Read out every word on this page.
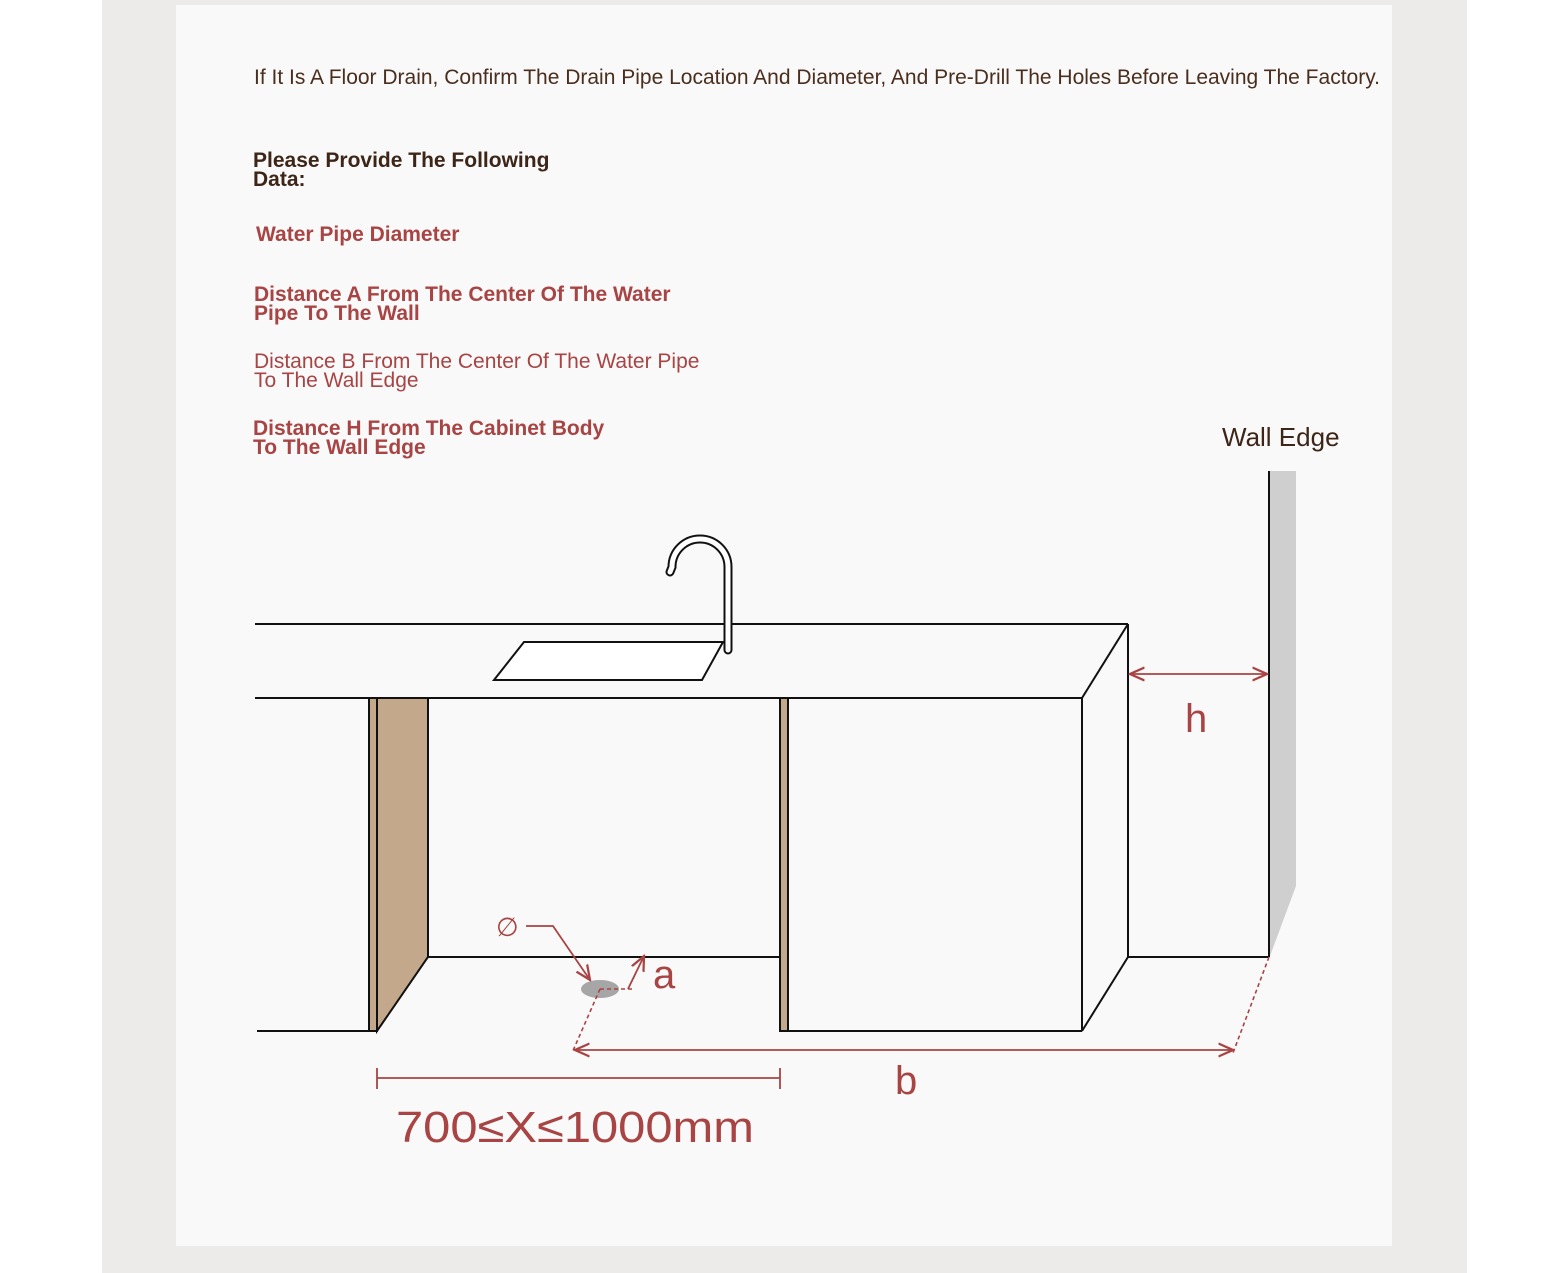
If It Is A Floor Drain, Confirm The Drain Pipe Location And Diameter, And Pre-Drill The Holes Before Leaving The Factory.

Please Provide The Following Data:

Water Pipe Diameter

Distance A From The Center Of The Water Pipe To The Wall

Distance B From The Center Of The Water Pipe To The Wall Edge

Distance H From The Cabinet Body To The Wall Edge	Wall Edge

∅
a
b
h
700≤X≤1000mm
